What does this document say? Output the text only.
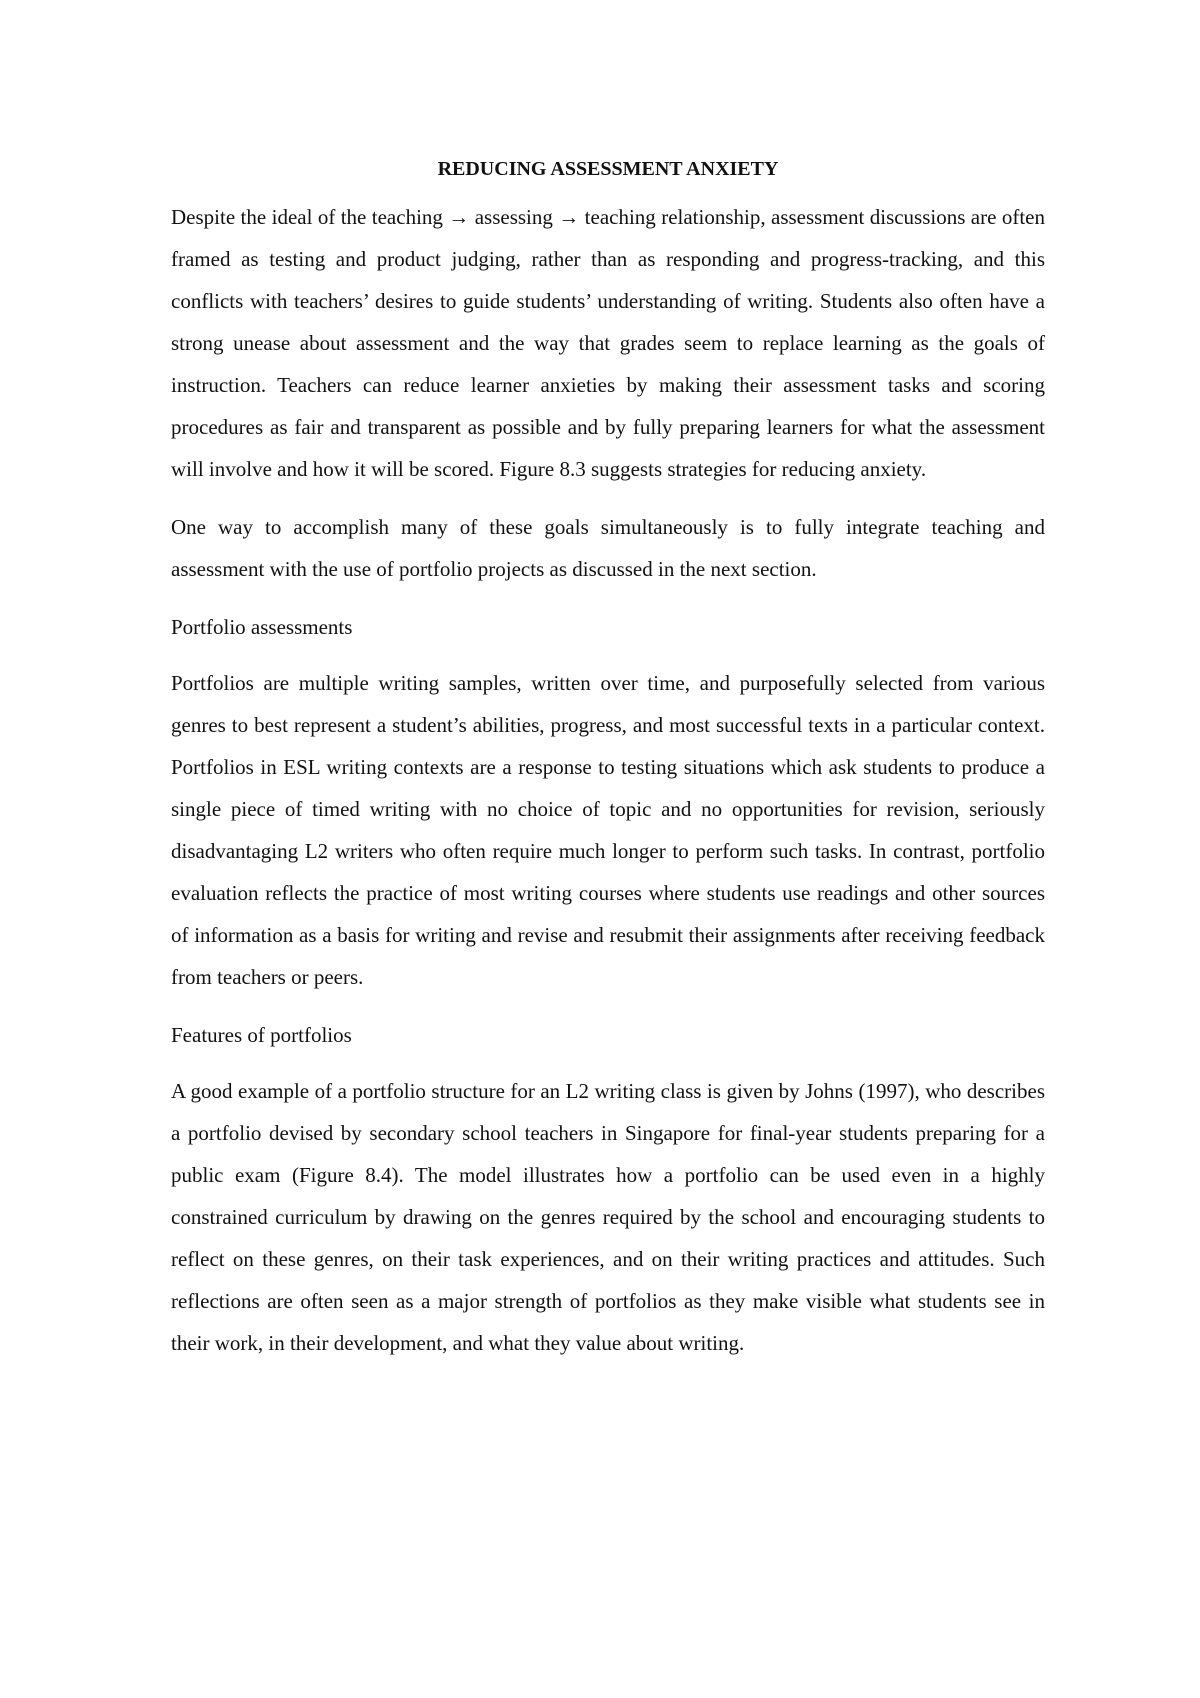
REDUCING ASSESSMENT ANXIETY

Despite the ideal of the teaching → assessing → teaching relationship, assessment discussions are often framed as testing and product judging, rather than as responding and progress-tracking, and this conflicts with teachers’ desires to guide students’ understanding of writing. Students also often have a strong unease about assessment and the way that grades seem to replace learning as the goals of instruction. Teachers can reduce learner anxieties by making their assessment tasks and scoring procedures as fair and transparent as possible and by fully preparing learners for what the assessment will involve and how it will be scored. Figure 8.3 suggests strategies for reducing anxiety.

One way to accomplish many of these goals simultaneously is to fully integrate teaching and assessment with the use of portfolio projects as discussed in the next section.

Portfolio assessments

Portfolios are multiple writing samples, written over time, and purposefully selected from various genres to best represent a student’s abilities, progress, and most successful texts in a particular context. Portfolios in ESL writing contexts are a response to testing situations which ask students to produce a single piece of timed writing with no choice of topic and no opportunities for revision, seriously disadvantaging L2 writers who often require much longer to perform such tasks. In contrast, portfolio evaluation reflects the practice of most writing courses where students use readings and other sources of information as a basis for writing and revise and resubmit their assignments after receiving feedback from teachers or peers.

Features of portfolios

A good example of a portfolio structure for an L2 writing class is given by Johns (1997), who describes a portfolio devised by secondary school teachers in Singapore for final-year students preparing for a public exam (Figure 8.4). The model illustrates how a portfolio can be used even in a highly constrained curriculum by drawing on the genres required by the school and encouraging students to reflect on these genres, on their task experiences, and on their writing practices and attitudes. Such reflections are often seen as a major strength of portfolios as they make visible what students see in their work, in their development, and what they value about writing.
